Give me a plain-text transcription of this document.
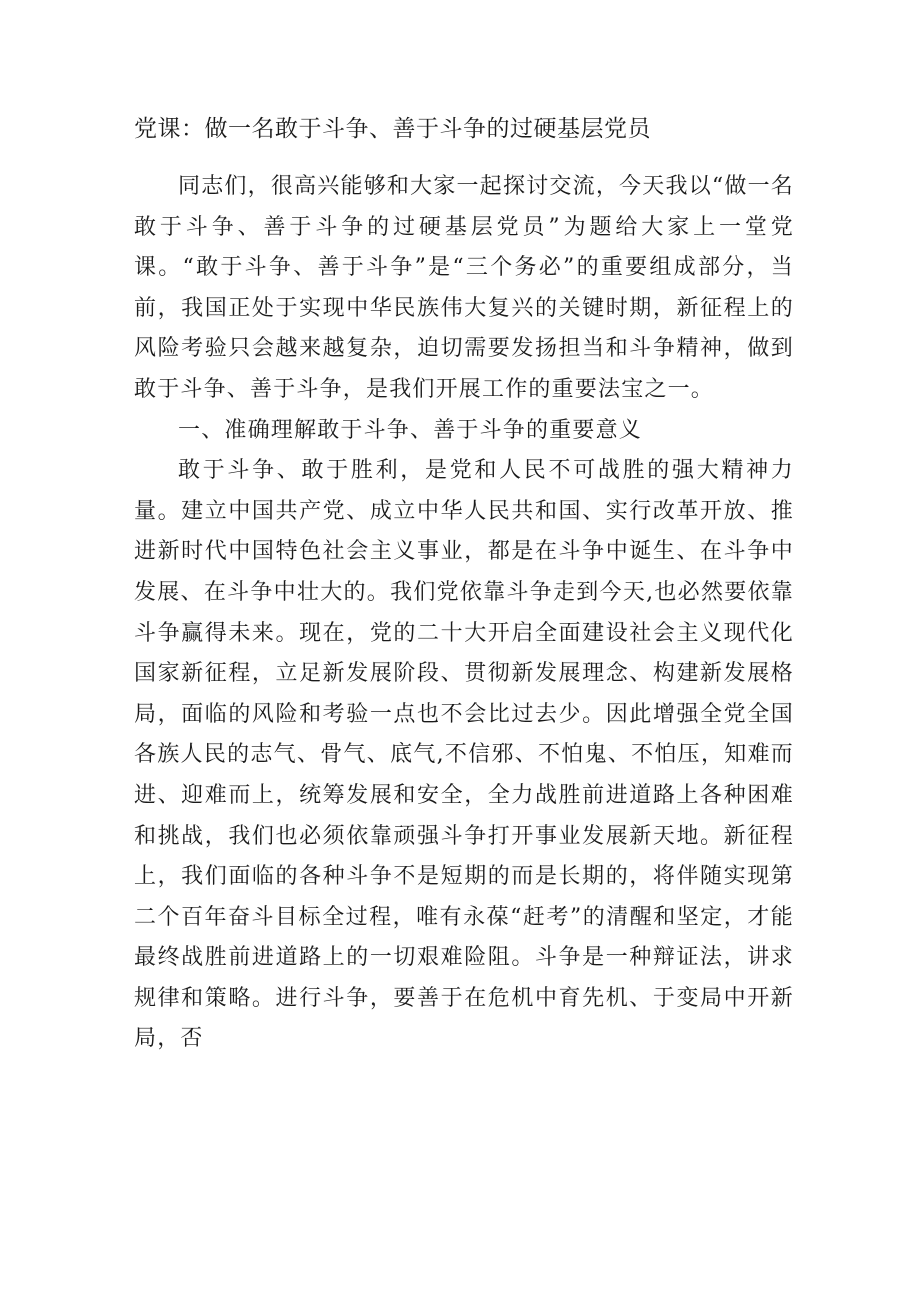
党课：做一名敢于斗争、善于斗争的过硬基层党员

同志们，很高兴能够和大家一起探讨交流，今天我以“做一名敢于斗争、善于斗争的过硬基层党员”为题给大家上一堂党课。“敢于斗争、善于斗争”是“三个务必”的重要组成部分，当前，我国正处于实现中华民族伟大复兴的关键时期，新征程上的风险考验只会越来越复杂，迫切需要发扬担当和斗争精神，做到敢于斗争、善于斗争，是我们开展工作的重要法宝之一。

一、准确理解敢于斗争、善于斗争的重要意义

敢于斗争、敢于胜利，是党和人民不可战胜的强大精神力量。建立中国共产党、成立中华人民共和国、实行改革开放、推进新时代中国特色社会主义事业，都是在斗争中诞生、在斗争中发展、在斗争中壮大的。我们党依靠斗争走到今天,也必然要依靠斗争赢得未来。现在，党的二十大开启全面建设社会主义现代化国家新征程，立足新发展阶段、贯彻新发展理念、构建新发展格局，面临的风险和考验一点也不会比过去少。因此增强全党全国各族人民的志气、骨气、底气,不信邪、不怕鬼、不怕压，知难而进、迎难而上，统筹发展和安全，全力战胜前进道路上各种困难和挑战，我们也必须依靠顽强斗争打开事业发展新天地。新征程上，我们面临的各种斗争不是短期的而是长期的，将伴随实现第二个百年奋斗目标全过程，唯有永葆“赶考”的清醒和坚定，才能最终战胜前进道路上的一切艰难险阻。斗争是一种辩证法，讲求规律和策略。进行斗争，要善于在危机中育先机、于变局中开新局，否
